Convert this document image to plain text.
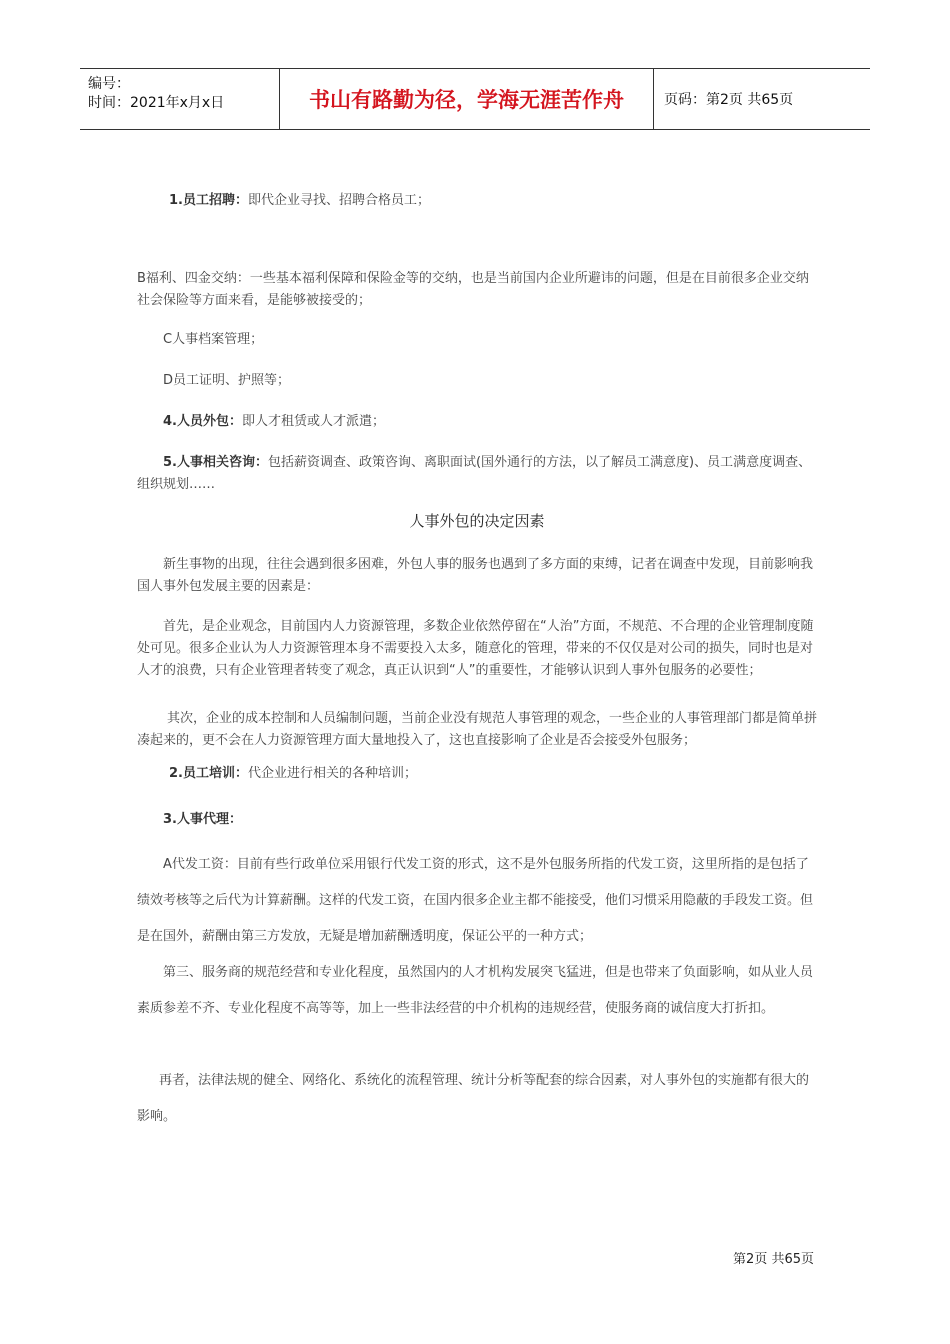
编号：
时间：2021年x月x日	书山有路勤为径，学海无涯苦作舟	页码：第2页 共65页

1.员工招聘：即代企业寻找、招聘合格员工；

B福利、四金交纳：一些基本福利保障和保险金等的交纳，也是当前国内企业所避讳的问题，但是在目前很多企业交纳社会保险等方面来看，是能够被接受的；

C人事档案管理；

D员工证明、护照等；

4.人员外包：即人才租赁或人才派遣；

5.人事相关咨询：包括薪资调查、政策咨询、离职面试(国外通行的方法，以了解员工满意度)、员工满意度调查、组织规划……

人事外包的决定因素

新生事物的出现，往往会遇到很多困难，外包人事的服务也遇到了多方面的束缚，记者在调查中发现，目前影响我国人事外包发展主要的因素是：

首先，是企业观念，目前国内人力资源管理，多数企业依然停留在“人治”方面，不规范、不合理的企业管理制度随处可见。很多企业认为人力资源管理本身不需要投入太多，随意化的管理，带来的不仅仅是对公司的损失，同时也是对人才的浪费，只有企业管理者转变了观念，真正认识到“人”的重要性，才能够认识到人事外包服务的必要性；

其次，企业的成本控制和人员编制问题，当前企业没有规范人事管理的观念，一些企业的人事管理部门都是简单拼凑起来的，更不会在人力资源管理方面大量地投入了，这也直接影响了企业是否会接受外包服务；

2.员工培训：代企业进行相关的各种培训；

3.人事代理：

A代发工资：目前有些行政单位采用银行代发工资的形式，这不是外包服务所指的代发工资，这里所指的是包括了绩效考核等之后代为计算薪酬。这样的代发工资，在国内很多企业主都不能接受，他们习惯采用隐蔽的手段发工资。但是在国外，薪酬由第三方发放，无疑是增加薪酬透明度，保证公平的一种方式；

第三、服务商的规范经营和专业化程度，虽然国内的人才机构发展突飞猛进，但是也带来了负面影响，如从业人员素质参差不齐、专业化程度不高等等，加上一些非法经营的中介机构的违规经营，使服务商的诚信度大打折扣。

再者，法律法规的健全、网络化、系统化的流程管理、统计分析等配套的综合因素，对人事外包的实施都有很大的影响。

第2页 共65页
